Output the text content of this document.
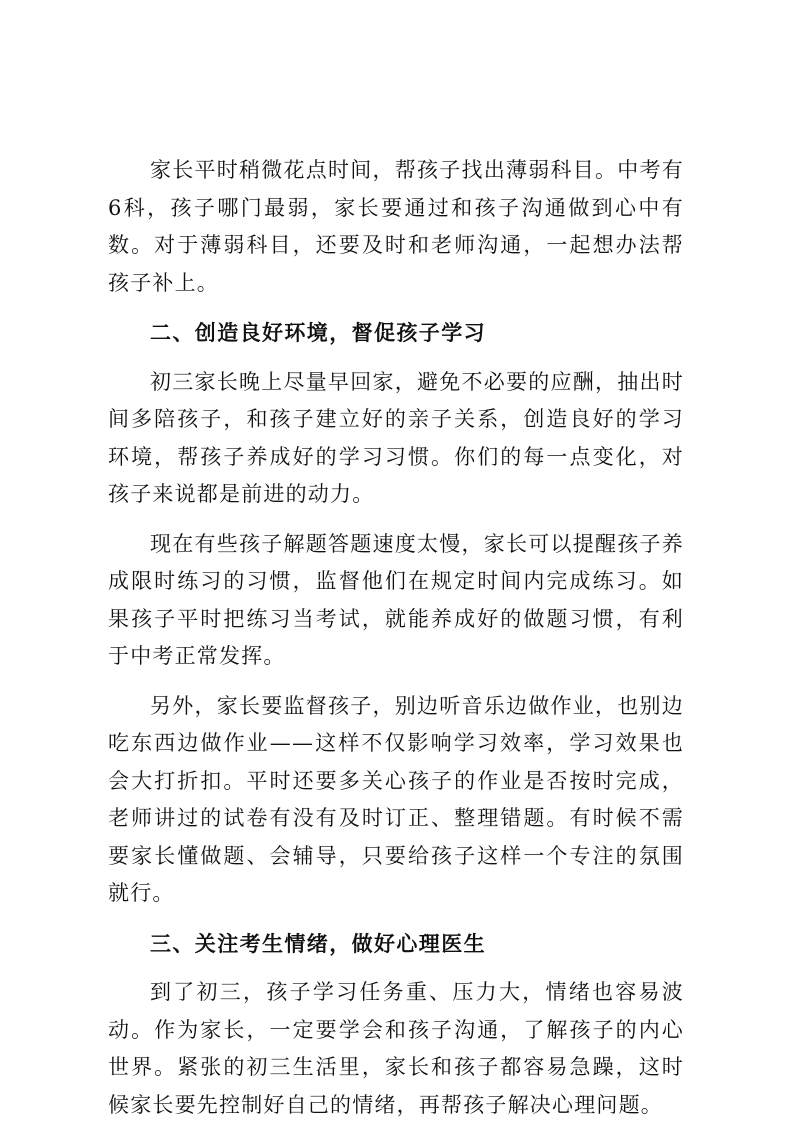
家长平时稍微花点时间，帮孩子找出薄弱科目。中考有6科，孩子哪门最弱，家长要通过和孩子沟通做到心中有数。对于薄弱科目，还要及时和老师沟通，一起想办法帮孩子补上。

二、创造良好环境，督促孩子学习

初三家长晚上尽量早回家，避免不必要的应酬，抽出时间多陪孩子，和孩子建立好的亲子关系，创造良好的学习环境，帮孩子养成好的学习习惯。你们的每一点变化，对孩子来说都是前进的动力。

现在有些孩子解题答题速度太慢，家长可以提醒孩子养成限时练习的习惯，监督他们在规定时间内完成练习。如果孩子平时把练习当考试，就能养成好的做题习惯，有利于中考正常发挥。

另外，家长要监督孩子，别边听音乐边做作业，也别边吃东西边做作业——这样不仅影响学习效率，学习效果也会大打折扣。平时还要多关心孩子的作业是否按时完成，老师讲过的试卷有没有及时订正、整理错题。有时候不需要家长懂做题、会辅导，只要给孩子这样一个专注的氛围就行。

三、关注考生情绪，做好心理医生

到了初三，孩子学习任务重、压力大，情绪也容易波动。作为家长，一定要学会和孩子沟通，了解孩子的内心世界。紧张的初三生活里，家长和孩子都容易急躁，这时候家长要先控制好自己的情绪，再帮孩子解决心理问题。
